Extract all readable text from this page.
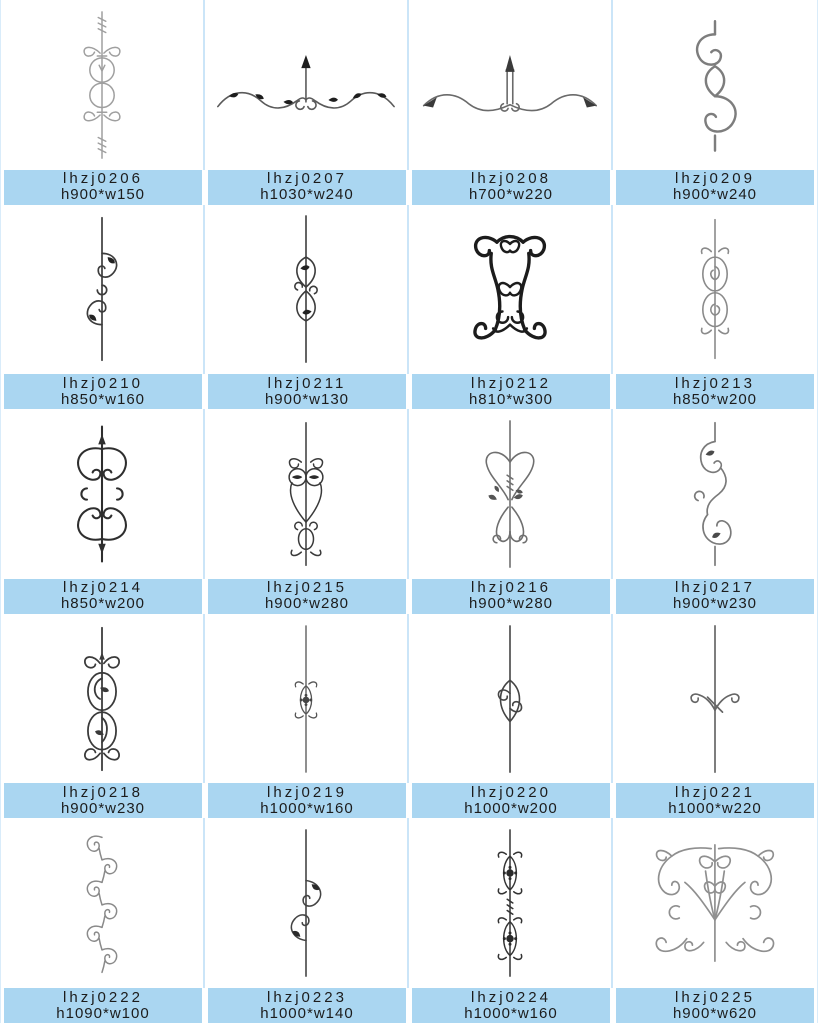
lhzj0206
h900*w150
lhzj0207
h1030*w240
lhzj0208
h700*w220
lhzj0209
h900*w240
lhzj0210
h850*w160
lhzj0211
h900*w130
lhzj0212
h810*w300
lhzj0213
h850*w200
lhzj0214
h850*w200
lhzj0215
h900*w280
lhzj0216
h900*w280
lhzj0217
h900*w230
lhzj0218
h900*w230
lhzj0219
h1000*w160
lhzj0220
h1000*w200
lhzj0221
h1000*w220
lhzj0222
h1090*w100
lhzj0223
h1000*w140
lhzj0224
h1000*w160
lhzj0225
h900*w620
